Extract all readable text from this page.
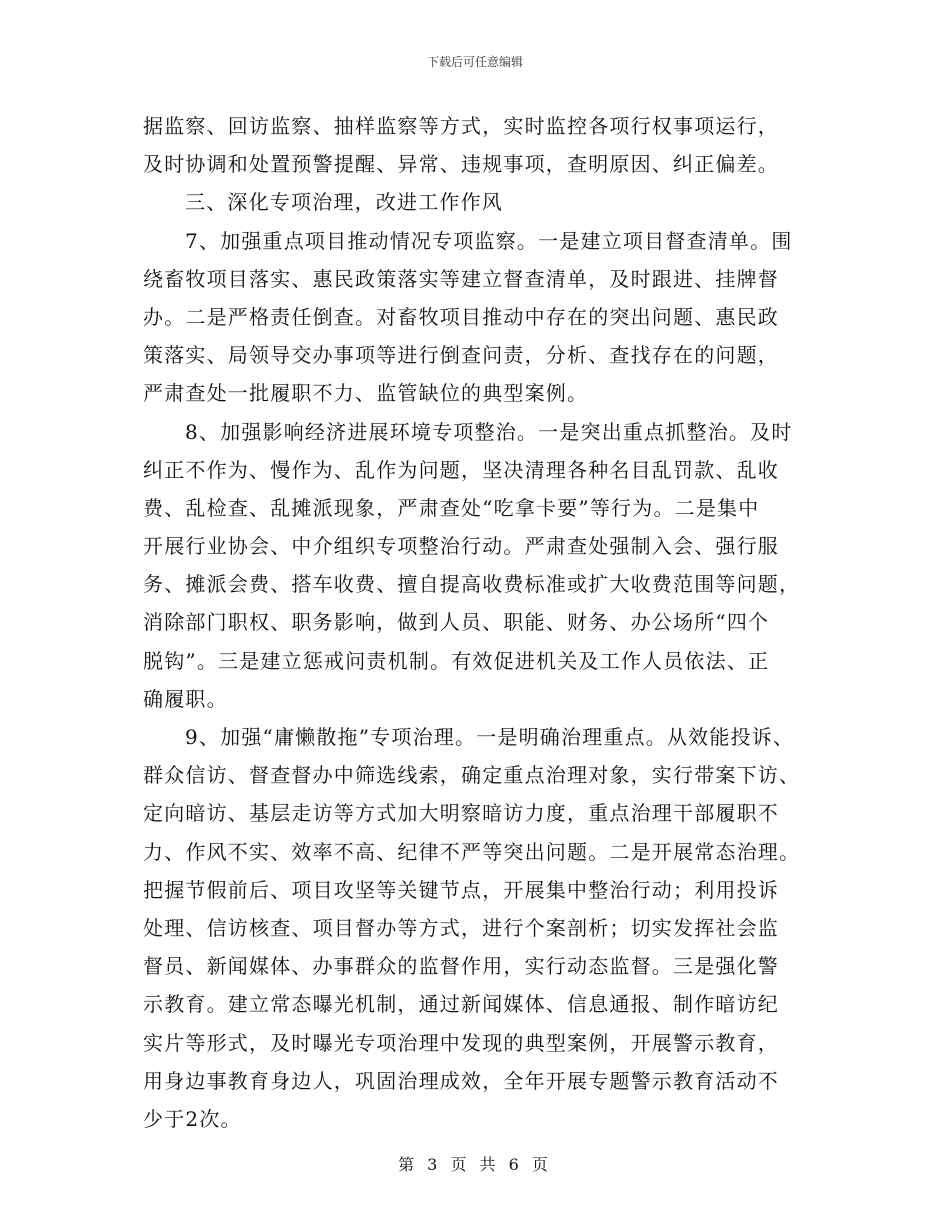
下载后可任意编辑
据监察、回访监察、抽样监察等方式，实时监控各项行权事项运行，
及时协调和处置预警提醒、异常、违规事项，查明原因、纠正偏差。
三、深化专项治理，改进工作作风
7、加强重点项目推动情况专项监察。一是建立项目督查清单。围
绕畜牧项目落实、惠民政策落实等建立督查清单，及时跟进、挂牌督
办。二是严格责任倒查。对畜牧项目推动中存在的突出问题、惠民政
策落实、局领导交办事项等进行倒查问责，分析、查找存在的问题，
严肃查处一批履职不力、监管缺位的典型案例。
8、加强影响经济进展环境专项整治。一是突出重点抓整治。及时
纠正不作为、慢作为、乱作为问题，坚决清理各种名目乱罚款、乱收
费、乱检查、乱摊派现象，严肃查处“吃拿卡要”等行为。二是集中
开展行业协会、中介组织专项整治行动。严肃查处强制入会、强行服
务、摊派会费、搭车收费、擅自提高收费标准或扩大收费范围等问题，
消除部门职权、职务影响，做到人员、职能、财务、办公场所“四个
脱钩”。三是建立惩戒问责机制。有效促进机关及工作人员依法、正
确履职。
9、加强“庸懒散拖”专项治理。一是明确治理重点。从效能投诉、
群众信访、督查督办中筛选线索，确定重点治理对象，实行带案下访、
定向暗访、基层走访等方式加大明察暗访力度，重点治理干部履职不
力、作风不实、效率不高、纪律不严等突出问题。二是开展常态治理。
把握节假前后、项目攻坚等关键节点，开展集中整治行动；利用投诉
处理、信访核查、项目督办等方式，进行个案剖析；切实发挥社会监
督员、新闻媒体、办事群众的监督作用，实行动态监督。三是强化警
示教育。建立常态曝光机制，通过新闻媒体、信息通报、制作暗访纪
实片等形式，及时曝光专项治理中发现的典型案例，开展警示教育，
用身边事教育身边人，巩固治理成效，全年开展专题警示教育活动不
少于2次。
第 3 页 共 6 页
